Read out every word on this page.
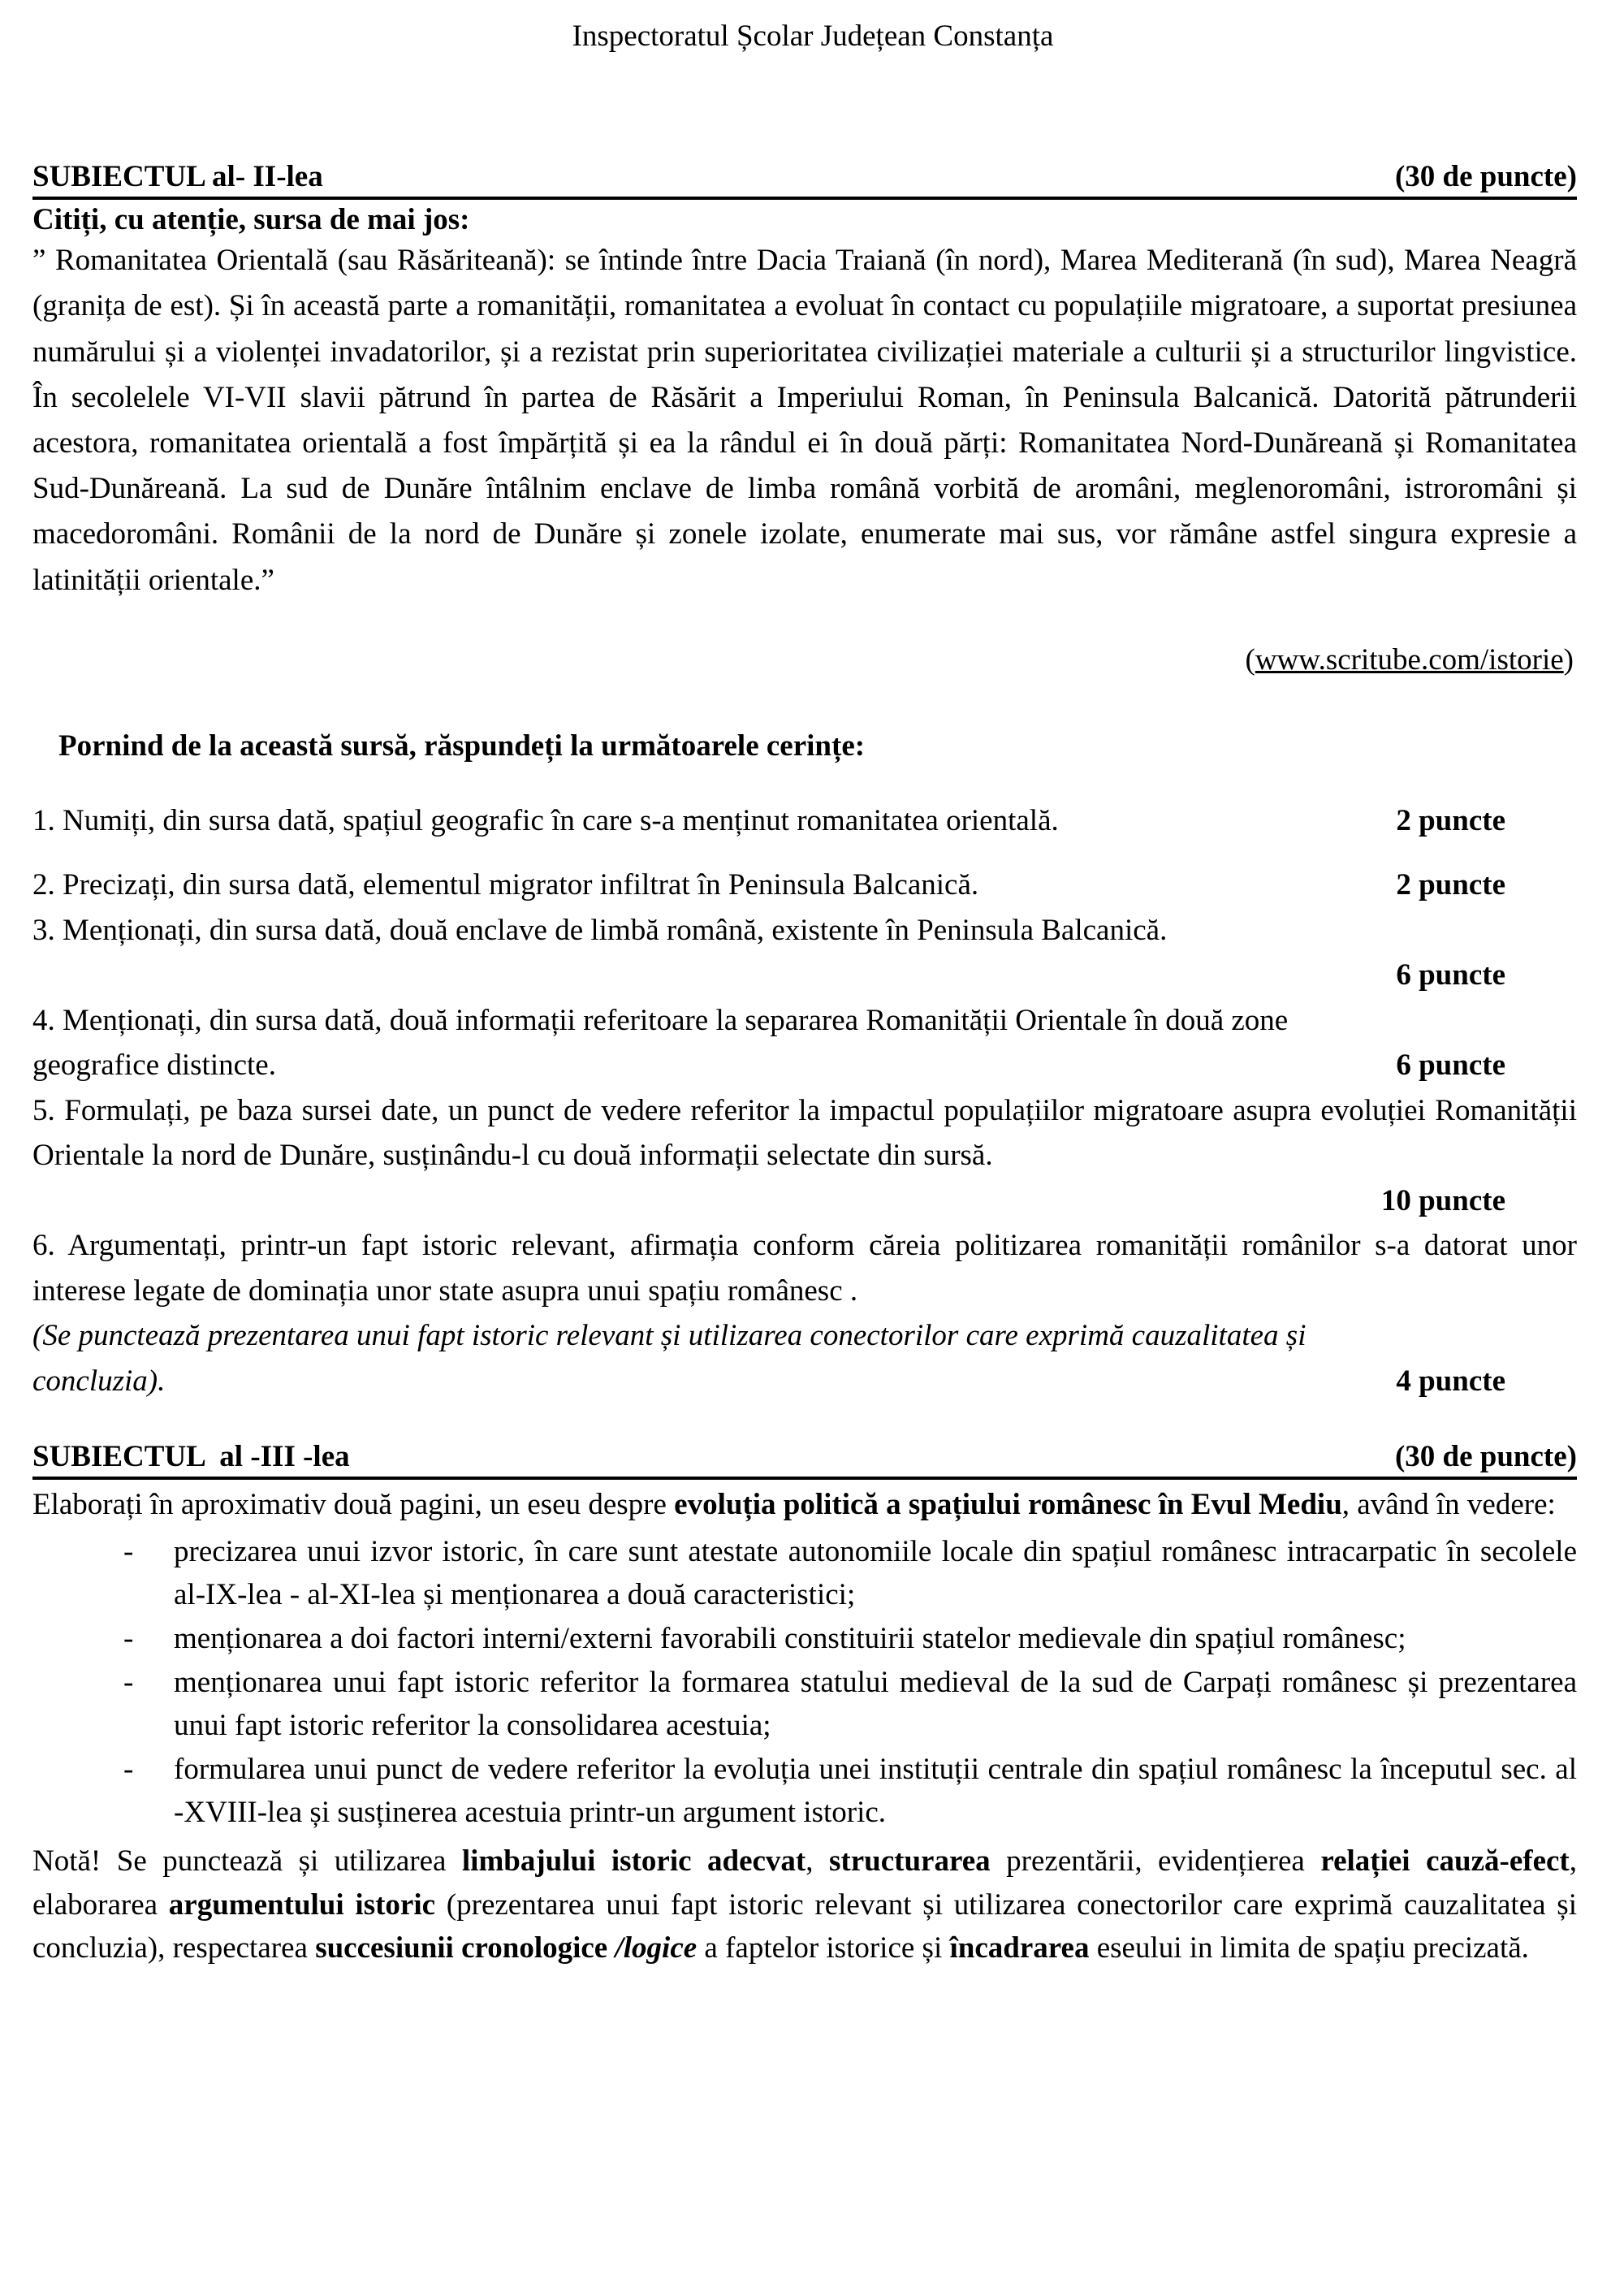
Inspectoratul Școlar Județean Constanța
SUBIECTUL al- II-lea	(30 de puncte)
Citiți, cu atenție, sursa de mai jos:
” Romanitatea Orientală (sau Răsăriteană): se întinde între Dacia Traiană (în nord), Marea Mediterană (în sud), Marea Neagră (granița de est). Și în această parte a romanității, romanitatea a evoluat în contact cu populațiile migratoare, a suportat presiunea numărului și a violenței invadatorilor, și a rezistat prin superioritatea civilizației materiale a culturii și a structurilor lingvistice. În secolelele VI-VII slavii pătrund în partea de Răsărit a Imperiului Roman, în Peninsula Balcanică. Datorită pătrunderii acestora, romanitatea orientală a fost împărțită și ea la rândul ei în două părți: Romanitatea Nord-Dunăreană și Romanitatea Sud-Dunăreană. La sud de Dunăre întâlnim enclave de limba română vorbită de aromâni, meglenoromâni, istroromâni și macedoromâni. Românii de la nord de Dunăre și zonele izolate, enumerate mai sus, vor rămâne astfel singura expresie a latinității orientale.”
(www.scritube.com/istorie)
Pornind de la această sursă, răspundeți la următoarele cerințe:
1. Numiți, din sursa dată, spațiul geografic în care s-a menținut romanitatea orientală.	2 puncte
2. Precizați, din sursa dată, elementul migrator infiltrat în Peninsula Balcanică.	2 puncte
3. Menționați, din sursa dată, două enclave de limbă română, existente în Peninsula Balcanică.
6 puncte
4. Menționați, din sursa dată, două informații referitoare la separarea Romanității Orientale în două zone
geografice distincte.	6 puncte
5. Formulați, pe baza sursei date, un punct de vedere referitor la impactul populațiilor migratoare asupra evoluției Romanității Orientale la nord de Dunăre, susținându-l cu două informații selectate din sursă.
10 puncte
6. Argumentați, printr-un fapt istoric relevant, afirmația conform căreia politizarea romanității românilor s-a datorat unor interese legate de dominația unor state asupra unui spațiu românesc .
(Se punctează prezentarea unui fapt istoric relevant și utilizarea conectorilor care exprimă cauzalitatea și
concluzia).	4 puncte
SUBIECTUL  al -III -lea	(30 de puncte)
Elaborați în aproximativ două pagini, un eseu despre evoluția politică a spațiului românesc în Evul Mediu, având în vedere:
- precizarea unui izvor istoric, în care sunt atestate autonomiile locale din spațiul românesc intracarpatic în secolele al-IX-lea - al-XI-lea și menționarea a două caracteristici;
- menționarea a doi factori interni/externi favorabili constituirii statelor medievale din spațiul românesc;
- menționarea unui fapt istoric referitor la formarea statului medieval de la sud de Carpați românesc și prezentarea unui fapt istoric referitor la consolidarea acestuia;
- formularea unui punct de vedere referitor la evoluția unei instituții centrale din spațiul românesc la începutul sec. al -XVIII-lea și susținerea acestuia printr-un argument istoric.
Notă! Se punctează și utilizarea limbajului istoric adecvat, structurarea prezentării, evidențierea relației cauză-efect, elaborarea argumentului istoric (prezentarea unui fapt istoric relevant și utilizarea conectorilor care exprimă cauzalitatea și concluzia), respectarea succesiunii cronologice /logice a faptelor istorice și încadrarea eseului in limita de spațiu precizată.
